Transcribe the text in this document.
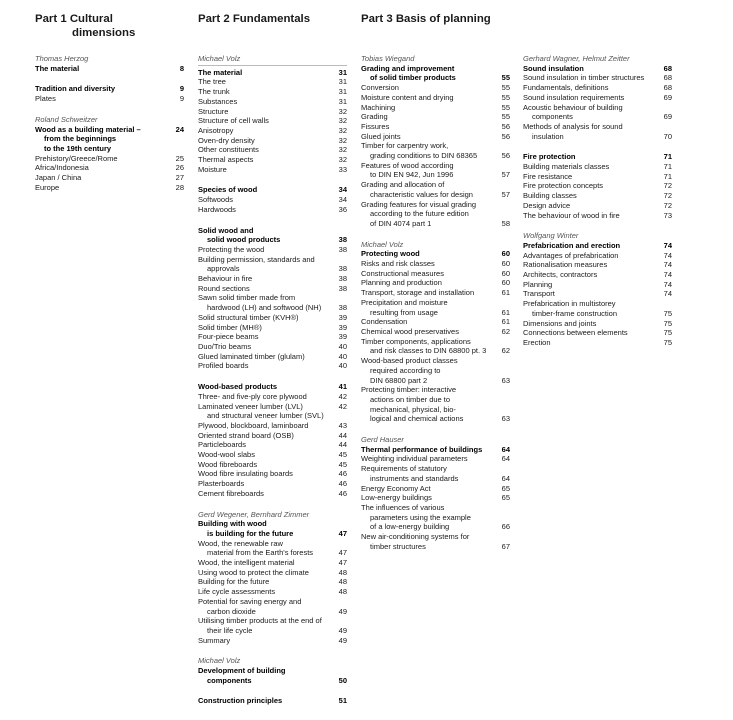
Part 1 Cultural
dimensions
Thomas Herzog
The material	8
Tradition and diversity	9
Plates	9
Roland Schweitzer
Wood as a building material –	24
from the beginnings
to the 19th century
Prehistory/Greece/Rome	25
Africa/Indonesia	26
Japan / China	27
Europe	28
Part 2 Fundamentals
Michael Volz
The material	31
The tree	31
The trunk	31
Substances	31
Structure	32
Structure of cell walls	32
Anisotropy	32
Oven-dry density	32
Other constituents	32
Thermal aspects	32
Moisture	33
Species of wood	34
Softwoods	34
Hardwoods	36
Solid wood and
solid wood products	38
Protecting the wood	38
Building permission, standards and
approvals	38
Behaviour in fire	38
Round sections	38
Sawn solid timber made from
hardwood (LH) and softwood (NH)	38
Solid structural timber (KVH®)	39
Solid timber (MH®)	39
Four-piece beams	39
Duo/Trio beams	40
Glued laminated timber (glulam)	40
Profiled boards	40
Wood-based products	41
Three- and five-ply core plywood	42
Laminated veneer lumber (LVL)	42
and structural veneer lumber (SVL)
Plywood, blockboard, laminboard	43
Oriented strand board (OSB)	44
Particleboards	44
Wood-wool slabs	45
Wood fibreboards	45
Wood fibre insulating boards	46
Plasterboards	46
Cement fibreboards	46
Gerd Wegener, Bernhard Zimmer
Building with wood
is building for the future	47
Wood, the renewable raw
material from the Earth's forests	47
Wood, the intelligent material	47
Using wood to protect the climate	48
Building for the future	48
Life cycle assessments	48
Potential for saving energy and
carbon dioxide	49
Utilising timber products at the end of
their life cycle	49
Summary	49
Michael Volz
Development of building
components	50
Construction principles	51
Part 3 Basis of planning
Tobias Wiegand
Grading and improvement
of solid timber products	55
Conversion	55
Moisture content and drying	55
Machining	55
Grading	55
Fissures	56
Glued joints	56
Timber for carpentry work,
grading conditions to DIN 68365	56
Features of wood according
to DIN EN 942, Jun 1996	57
Grading and allocation of
characteristic values for design	57
Grading features for visual grading
according to the future edition
of DIN 4074 part 1	58
Michael Volz
Protecting wood	60
Risks and risk classes	60
Constructional measures	60
Planning and production	60
Transport, storage and installation	61
Precipitation and moisture
resulting from usage	61
Condensation	61
Chemical wood preservatives	62
Timber components, applications
and risk classes to DIN 68800 pt. 3	62
Wood-based product classes
required according to
DIN 68800 part 2	63
Protecting timber: interactive
actions on timber due to
mechanical, physical, bio-
logical and chemical actions	63
Gerd Hauser
Thermal performance of buildings	64
Weighting individual parameters	64
Requirements of statutory
instruments and standards	64
Energy Economy Act	65
Low-energy buildings	65
The influences of various
parameters using the example
of a low-energy building	66
New air-conditioning systems for
timber structures	67
Gerhard Wagner, Helmut Zeitter
Sound insulation	68
Sound insulation in timber structures	68
Fundamentals, definitions	68
Sound insulation requirements	69
Acoustic behaviour of building
components	69
Methods of analysis for sound
insulation	70
Fire protection	71
Building materials classes	71
Fire resistance	71
Fire protection concepts	72
Building classes	72
Design advice	72
The behaviour of wood in fire	73
Wolfgang Winter
Prefabrication and erection	74
Advantages of prefabrication	74
Rationalisation measures	74
Architects, contractors	74
Planning	74
Transport	74
Prefabrication in multistorey
timber-frame construction	75
Dimensions and joints	75
Connections between elements	75
Erection	75
